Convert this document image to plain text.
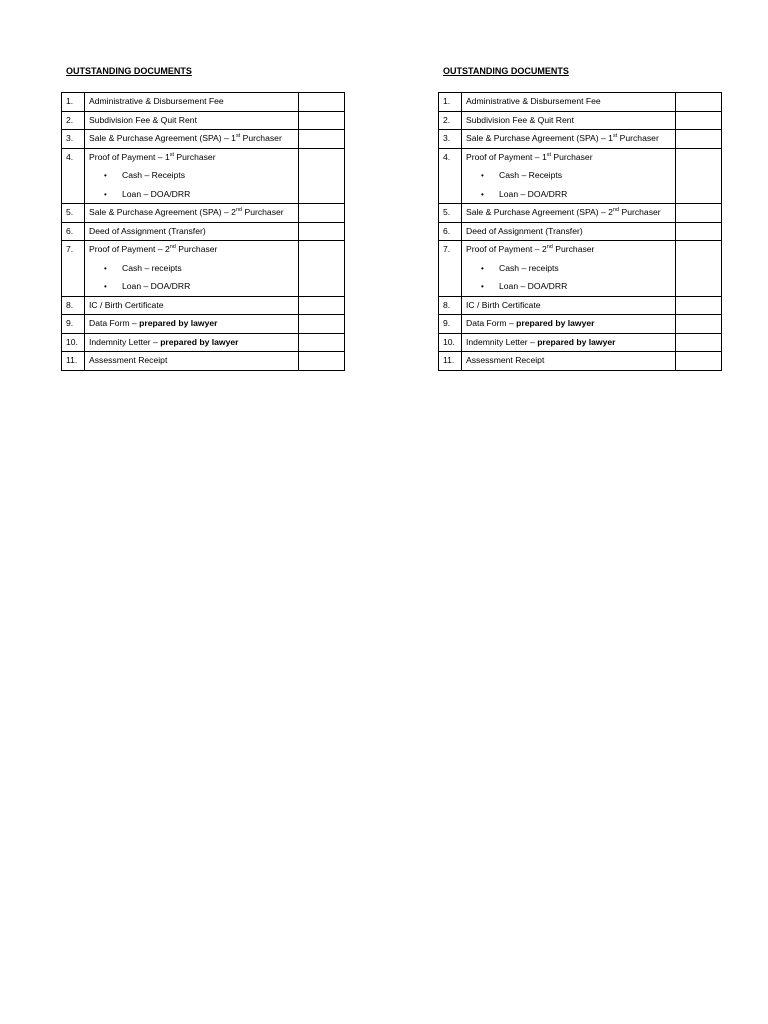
OUTSTANDING DOCUMENTS
1.	Administrative & Disbursement Fee	
2.	Subdivision Fee & Quit Rent	
3.	Sale & Purchase Agreement (SPA) – 1st Purchaser	
4.	Proof of Payment – 1st Purchaser
• Cash – Receipts
• Loan – DOA/DRR	

5.	Sale & Purchase Agreement (SPA) – 2nd Purchaser	
6.	Deed of Assignment (Transfer)	
7.	Proof of Payment – 2nd Purchaser
• Cash – receipts
• Loan – DOA/DRR	

8.	IC / Birth Certificate	
9.	Data Form – prepared by lawyer	
10.	Indemnity Letter – prepared by lawyer	
11.	Assessment Receipt	
OUTSTANDING DOCUMENTS
1.	Administrative & Disbursement Fee	
2.	Subdivision Fee & Quit Rent	
3.	Sale & Purchase Agreement (SPA) – 1st Purchaser	
4.	Proof of Payment – 1st Purchaser
• Cash – Receipts
• Loan – DOA/DRR	

5.	Sale & Purchase Agreement (SPA) – 2nd Purchaser	
6.	Deed of Assignment (Transfer)	
7.	Proof of Payment – 2nd Purchaser
• Cash – receipts
• Loan – DOA/DRR	

8.	IC / Birth Certificate	
9.	Data Form – prepared by lawyer	
10.	Indemnity Letter – prepared by lawyer	
11.	Assessment Receipt	
